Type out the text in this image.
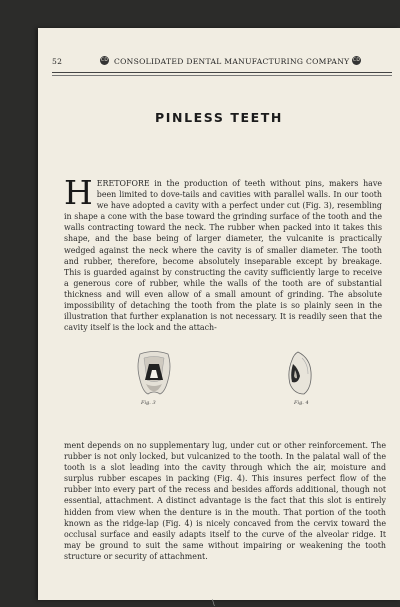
52	CD CONSOLIDATED DENTAL MANUFACTURING COMPANY CD
PINLESS TEETH
HERETOFORE in the production of teeth without pins, makers have been limited to dove-tails and cavities with parallel walls. In our tooth we have adopted a cavity with a perfect under cut (Fig. 3), resembling in shape a cone with the base toward the grinding surface of the tooth and the walls contracting toward the neck. The rubber when packed into it takes this shape, and the base being of larger diameter, the vulcanite is practically wedged against the neck where the cavity is of smaller diameter. The tooth and rubber, therefore, become absolutely inseparable except by breakage. This is guarded against by constructing the cavity sufficiently large to receive a generous core of rubber, while the walls of the tooth are of substantial thickness and will even allow of a small amount of grinding. The absolute impossibility of detaching the tooth from the plate is so plainly seen in the illustration that further explanation is not necessary. It is readily seen that the cavity itself is the lock and the attach-
Fig. 3	Fig. 4
ment depends on no supplementary lug, under cut or other reinforcement. The rubber is not only locked, but vulcanized to the tooth. In the palatal wall of the tooth is a slot leading into the cavity through which the air, moisture and surplus rubber escapes in packing (Fig. 4). This insures perfect flow of the rubber into every part of the recess and besides affords additional, though not essential, attachment. A distinct advantage is the fact that this slot is entirely hidden from view when the denture is in the mouth. That portion of the tooth known as the ridge-lap (Fig. 4) is nicely concaved from the cervix toward the occlusal surface and easily adapts itself to the curve of the alveolar ridge. It may be ground to suit the same without impairing or weakening the tooth structure or security of attachment.
\
